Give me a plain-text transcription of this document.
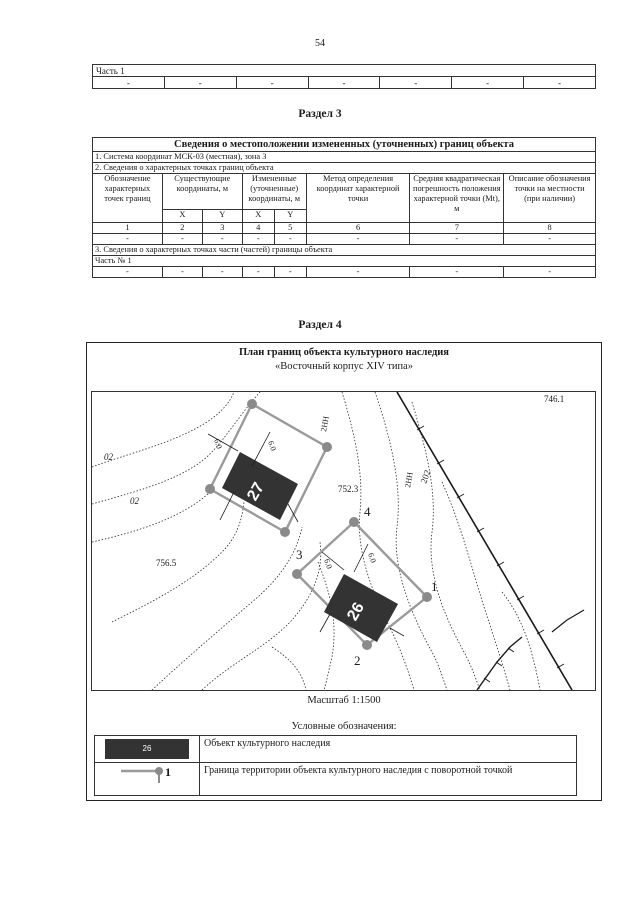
54
Часть 1
-	-	-	-	-	-	-
Раздел 3
Сведения о местоположении измененных (уточненных) границ объекта							
1. Система координат МСК-03 (местная), зона 3							
2. Сведения о характерных точках границ объекта							
Обозначение характерных точек границ	Существующие координаты, м		Измененные (уточненные) координаты, м		Метод определения координат характерной точки	Средняя квадратическая погрешность положения характерной точки (Mt), м	Описание обозначения точки на местности (при наличии)
	X	Y	X	Y			
1	2	3	4	5	6	7	8
-	-	-	-	-	-	-	-
3. Сведения о характерных точках части (частей) границы объекта							
Часть № 1							
-	-	-	-	-	-	-	-
Раздел 4
План границ объекта культурного наследия
«Восточный корпус XIV типа»
27
6.0	6.0
26
6.0	6.0
1
2
3
4
752.3
756.5
746.1
02
02
202
2НН
2НН
Масштаб 1:1500
Условные обозначения:
26	Объект культурного наследия

1	Граница территории объекта культурного наследия с поворотной точкой
